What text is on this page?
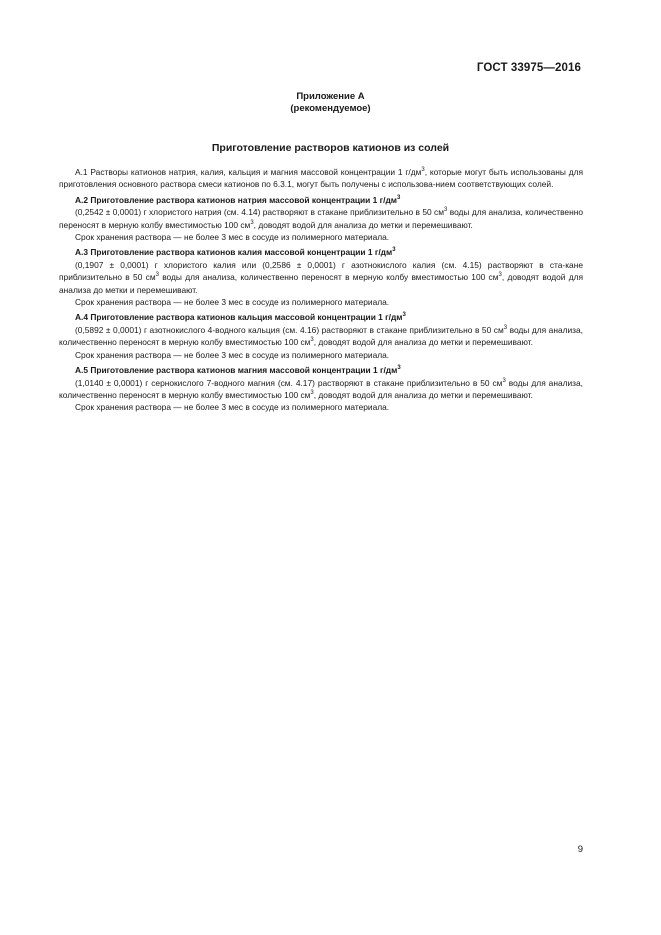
ГОСТ 33975—2016
Приложение А
(рекомендуемое)
Приготовление растворов катионов из солей

А.1 Растворы катионов натрия, калия, кальция и магния массовой концентрации 1 $г/дм^3$, которые могут быть использованы для приготовления основного раствора смеси катионов по 6.3.1, могут быть получены с использова-нием соответствующих солей.

А.2 Приготовление раствора катионов натрия массовой концентрации 1 $г/дм^3$

(0,2542 ± 0,0001) г хлористого натрия (см. 4.14) растворяют в стакане приблизительно в 50 $см^3$ воды для анализа, количественно переносят в мерную колбу вместимостью 100 $см^3$, доводят водой для анализа до метки и перемешивают.

Срок хранения раствора — не более 3 мес в сосуде из полимерного материала.

А.3 Приготовление раствора катионов калия массовой концентрации 1 $г/дм^3$

(0,1907 ± 0,0001) г хлористого калия или (0,2586 ± 0,0001) г азотнокислого калия (см. 4.15) растворяют в ста-кане приблизительно в 50 $см^3$ воды для анализа, количественно переносят в мерную колбу вместимостью 100 $см^3$, доводят водой для анализа до метки и перемешивают.

Срок хранения раствора — не более 3 мес в сосуде из полимерного материала.

А.4 Приготовление раствора катионов кальция массовой концентрации 1 $г/дм^3$

(0,5892 ± 0,0001) г азотнокислого 4-водного кальция (см. 4.16) растворяют в стакане приблизительно в 50 $см^3$ воды для анализа, количественно переносят в мерную колбу вместимостью 100 $см^3$, доводят водой для анализа до метки и перемешивают.

Срок хранения раствора — не более 3 мес в сосуде из полимерного материала.

А.5 Приготовление раствора катионов магния массовой концентрации 1 $г/дм^3$

(1,0140 ± 0,0001) г сернокислого 7-водного магния (см. 4.17) растворяют в стакане приблизительно в 50 $см^3$ воды для анализа, количественно переносят в мерную колбу вместимостью 100 $см^3$, доводят водой для анализа до метки и перемешивают.

Срок хранения раствора — не более 3 мес в сосуде из полимерного материала.

9
